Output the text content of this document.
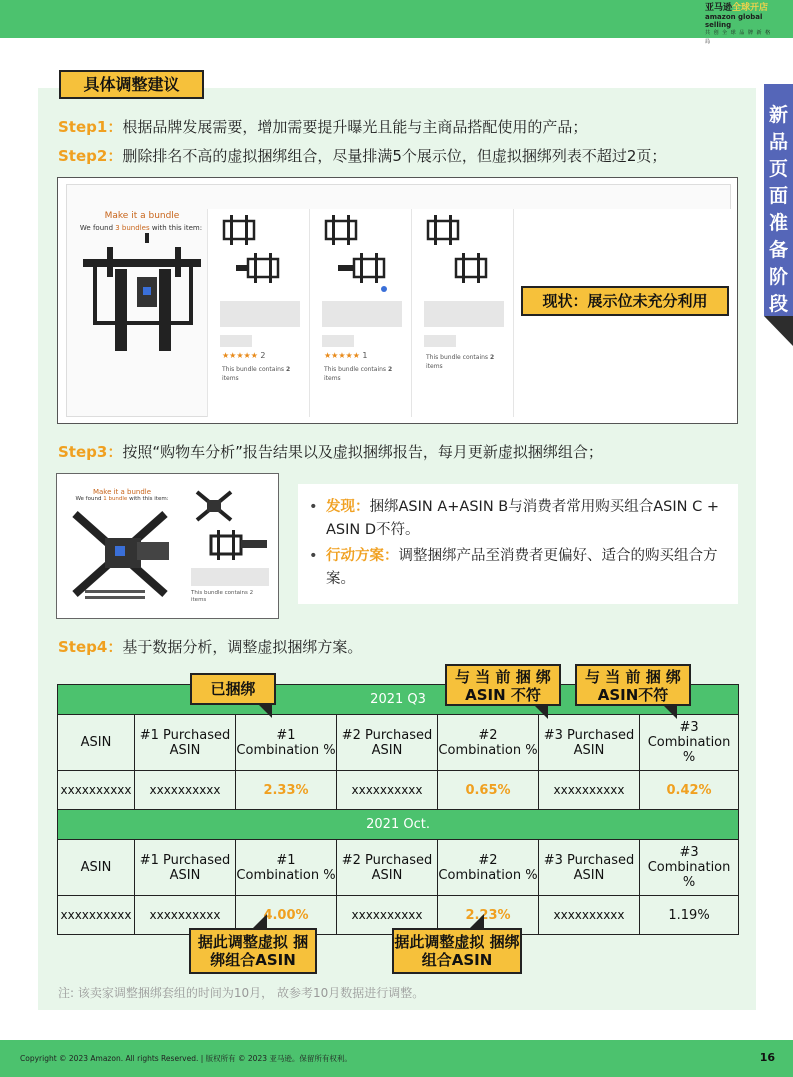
亚马逊全球开店
amazon global selling
共 创 全 球 品 牌 新 格 局
新
品
页
面
准
备
阶
段
具体调整建议
Step1：根据品牌发展需要，增加需要提升曝光且能与主商品搭配使用的产品；
Step2：删除排名不高的虚拟捆绑组合，尽量排满5个展示位，但虚拟捆绑列表不超过2页；
Make it a bundle
We found 3 bundles with this item:
★★★★★ 2
This bundle contains 2
items
★★★★★ 1
This bundle contains 2
items
This bundle contains 2
items
现状：展示位未充分利用
Step3：按照“购物车分析”报告结果以及虚拟捆绑报告，每月更新虚拟捆绑组合；
Make it a bundle
We found 1 bundle with this item:
This bundle contains 2
items
• 发现：捆绑ASIN A+ASIN B与消费者常用购买组合ASIN C + ASIN D不符。
• 行动方案：调整捆绑产品至消费者更偏好、适合的购买组合方案。
Step4：基于数据分析，调整虚拟捆绑方案。
2021 Q3						
ASIN	#1 Purchased ASIN	#1 Combination %	#2 Purchased ASIN	#2 Combination %	#3 Purchased ASIN	#3 Combination %
xxxxxxxxxx	xxxxxxxxxx	2.33%	xxxxxxxxxx	0.65%	xxxxxxxxxx	0.42%
2021 Oct.						
ASIN	#1 Purchased ASIN	#1 Combination %	#2 Purchased ASIN	#2 Combination %	#3 Purchased ASIN	#3 Combination %
xxxxxxxxxx	xxxxxxxxxx	4.00%	xxxxxxxxxx	2.23%	xxxxxxxxxx	1.19%
已捆绑
与 当 前 捆 绑 ASIN 不符
与 当 前 捆 绑 ASIN不符
据此调整虚拟 捆绑组合ASIN
据此调整虚拟 捆绑组合ASIN
注: 该卖家调整捆绑套组的时间为10月， 故参考10月数据进行调整。
Copyright © 2023 Amazon. All rights Reserved. | 版权所有 © 2023 亚马逊。保留所有权利。	16
